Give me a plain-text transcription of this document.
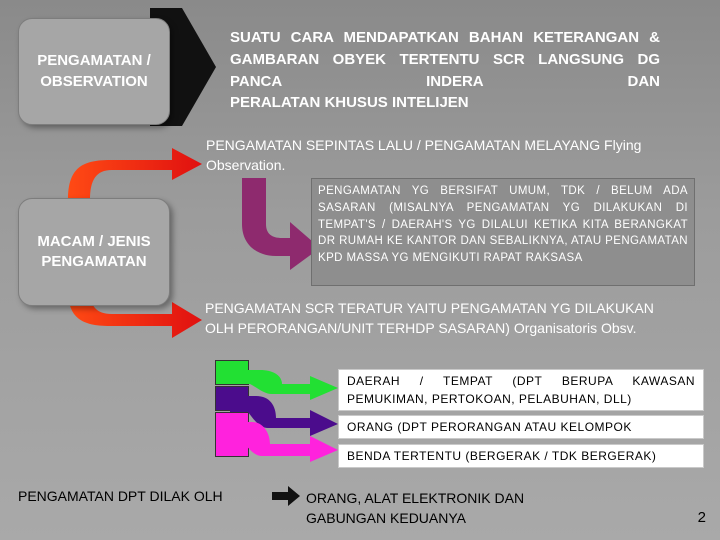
PENGAMATAN / OBSERVATION
SUATU CARA MENDAPATKAN BAHAN KETERANGAN & GAMBARAN OBYEK TERTENTU SCR LANGSUNG DG PANCA INDERA DAN
PERALATAN KHUSUS INTELIJEN
MACAM / JENIS PENGAMATAN
PENGAMATAN SEPINTAS LALU / PENGAMATAN MELAYANG Flying Observation.
PENGAMATAN YG BERSIFAT UMUM, TDK / BELUM ADA SASARAN (MISALNYA PENGAMATAN YG DILAKUKAN DI TEMPAT'S / DAERAH'S YG DILALUI KETIKA KITA BERANGKAT DR RUMAH KE KANTOR DAN SEBALIKNYA, ATAU PENGAMATAN KPD MASSA YG MENGIKUTI RAPAT RAKSASA
PENGAMATAN SCR TERATUR YAITU PENGAMATAN YG DILAKUKAN OLH PERORANGAN/UNIT TERHDP SASARAN) Organisatoris Obsv.
DAERAH / TEMPAT (DPT BERUPA KAWASAN PEMUKIMAN, PERTOKOAN, PELABUHAN, DLL)
ORANG (DPT PERORANGAN ATAU KELOMPOK
BENDA TERTENTU (BERGERAK / TDK BERGERAK)
PENGAMATAN DPT DILAK OLH	ORANG, ALAT ELEKTRONIK DAN GABUNGAN KEDUANYA	2
